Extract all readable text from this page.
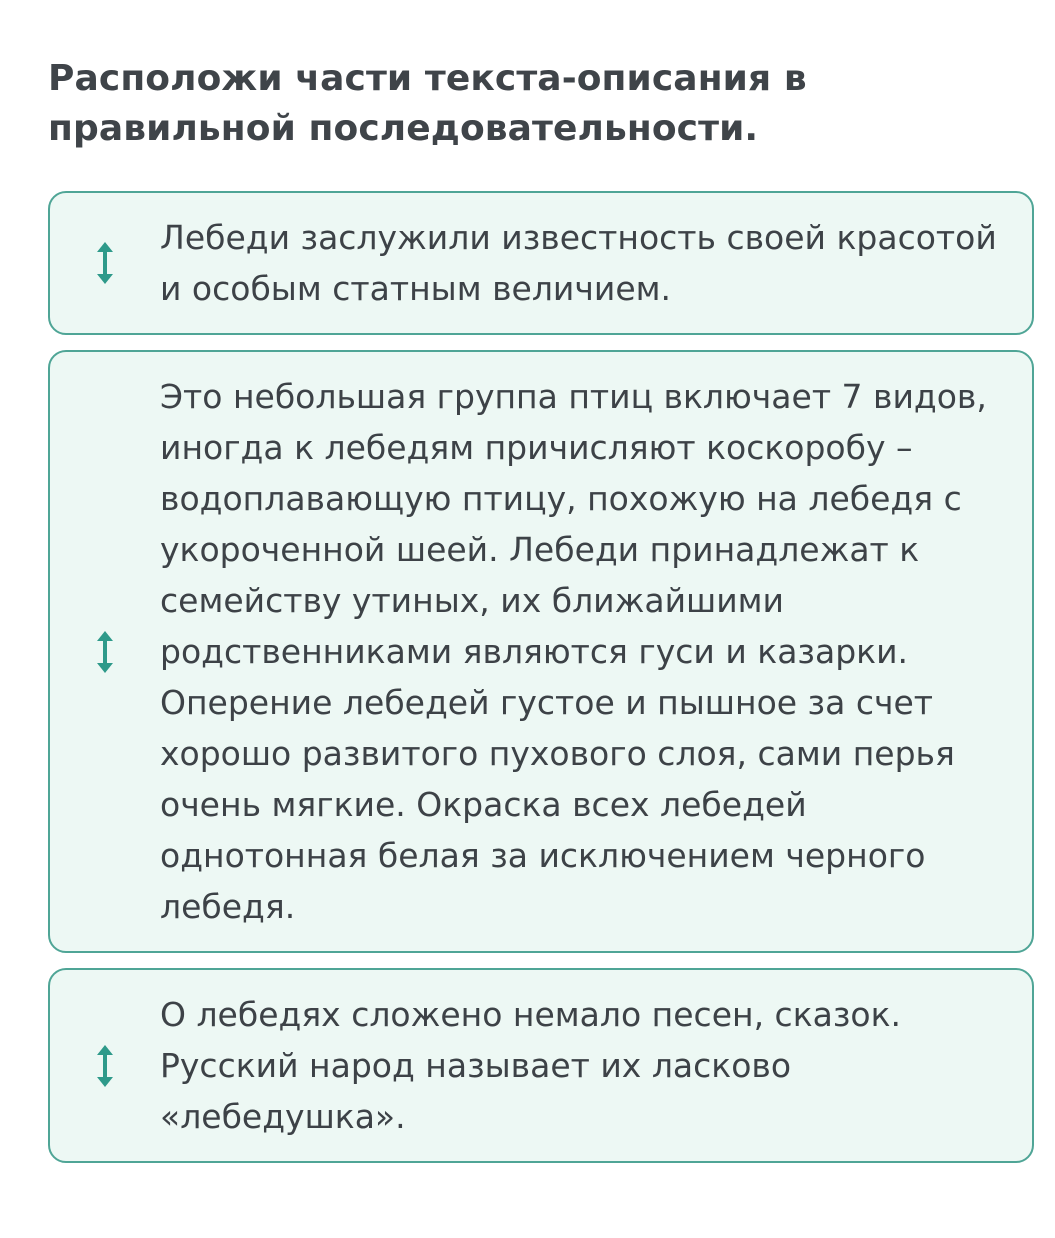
Расположи части текста-описания в правильной последовательности.
Лебеди заслужили известность своей красотой и особым статным величием.
Это небольшая группа птиц включает 7 видов, иногда к лебедям причисляют коскоробу – водоплавающую птицу, похожую на лебедя с укороченной шеей. Лебеди принадлежат к семейству утиных, их ближайшими родственниками являются гуси и казарки. Оперение лебедей густое и пышное за счет хорошо развитого пухового слоя, сами перья очень мягкие. Окраска всех лебедей однотонная белая за исключением черного лебедя.
О лебедях сложено немало песен, сказок. Русский народ называет их ласково «лебедушка».
